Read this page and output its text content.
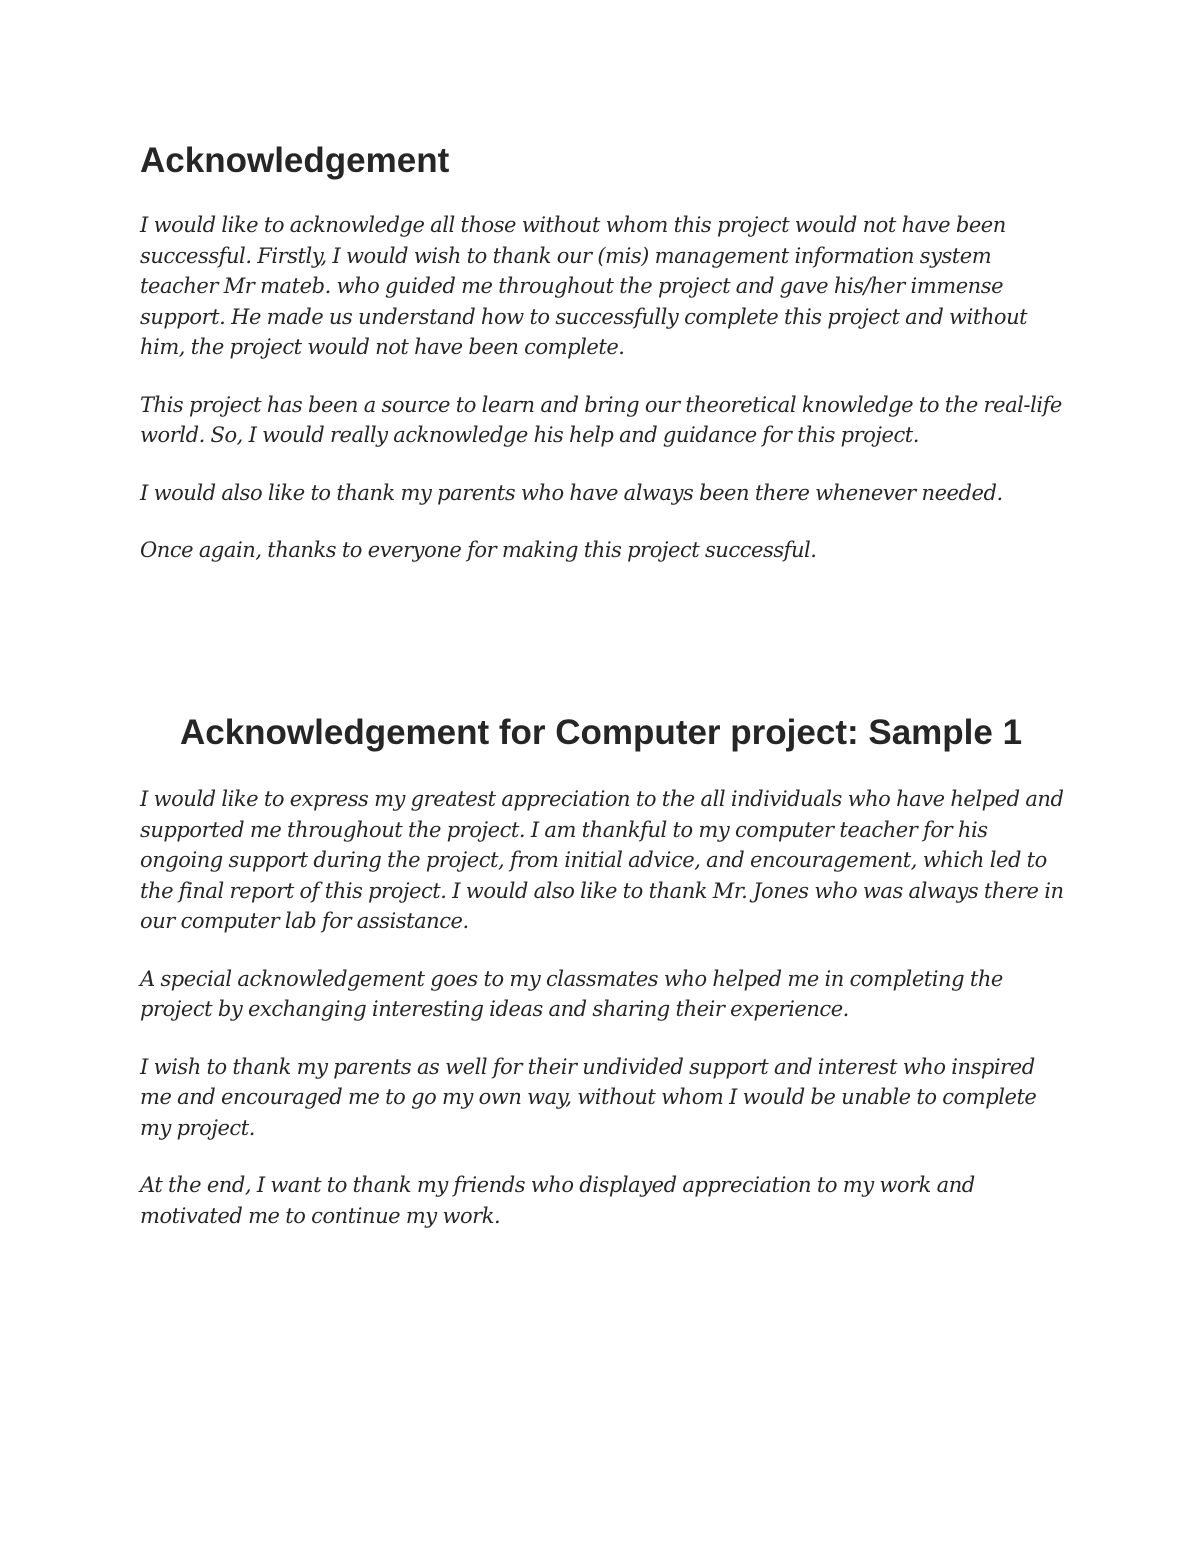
Acknowledgement

I would like to acknowledge all those without whom this project would not have been successful. Firstly, I would wish to thank our (mis) management information system teacher Mr mateb. who guided me throughout the project and gave his/her immense support. He made us understand how to successfully complete this project and without him, the project would not have been complete.

This project has been a source to learn and bring our theoretical knowledge to the real-life world. So, I would really acknowledge his help and guidance for this project.

I would also like to thank my parents who have always been there whenever needed.

Once again, thanks to everyone for making this project successful.

Acknowledgement for Computer project: Sample 1

I would like to express my greatest appreciation to the all individuals who have helped and supported me throughout the project. I am thankful to my computer teacher for his ongoing support during the project, from initial advice, and encouragement, which led to the final report of this project. I would also like to thank Mr. Jones who was always there in our computer lab for assistance.

A special acknowledgement goes to my classmates who helped me in completing the project by exchanging interesting ideas and sharing their experience.

I wish to thank my parents as well for their undivided support and interest who inspired me and encouraged me to go my own way, without whom I would be unable to complete my project.

At the end, I want to thank my friends who displayed appreciation to my work and motivated me to continue my work.
